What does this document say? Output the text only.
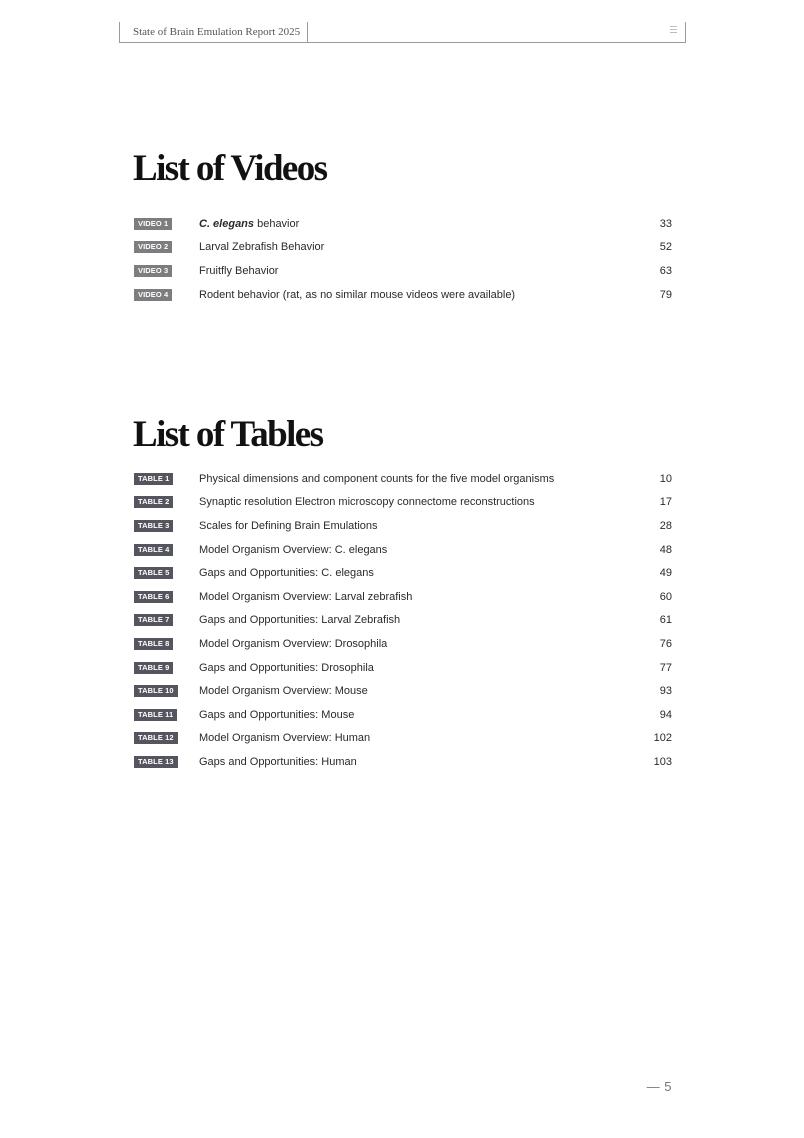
State of Brain Emulation Report 2025
List of Videos
VIDEO 1	C. elegans behavior	33
VIDEO 2	Larval Zebrafish Behavior	52
VIDEO 3	Fruitfly Behavior	63
VIDEO 4	Rodent behavior (rat, as no similar mouse videos were available)	79
List of Tables
TABLE 1	Physical dimensions and component counts for the five model organisms	10
TABLE 2	Synaptic resolution Electron microscopy connectome reconstructions	17
TABLE 3	Scales for Defining Brain Emulations	28
TABLE 4	Model Organism Overview: C. elegans	48
TABLE 5	Gaps and Opportunities: C. elegans	49
TABLE 6	Model Organism Overview: Larval zebrafish	60
TABLE 7	Gaps and Opportunities: Larval Zebrafish	61
TABLE 8	Model Organism Overview: Drosophila	76
TABLE 9	Gaps and Opportunities: Drosophila	77
TABLE 10	Model Organism Overview: Mouse	93
TABLE 11	Gaps and Opportunities: Mouse	94
TABLE 12	Model Organism Overview: Human	102
TABLE 13	Gaps and Opportunities: Human	103
— 5
